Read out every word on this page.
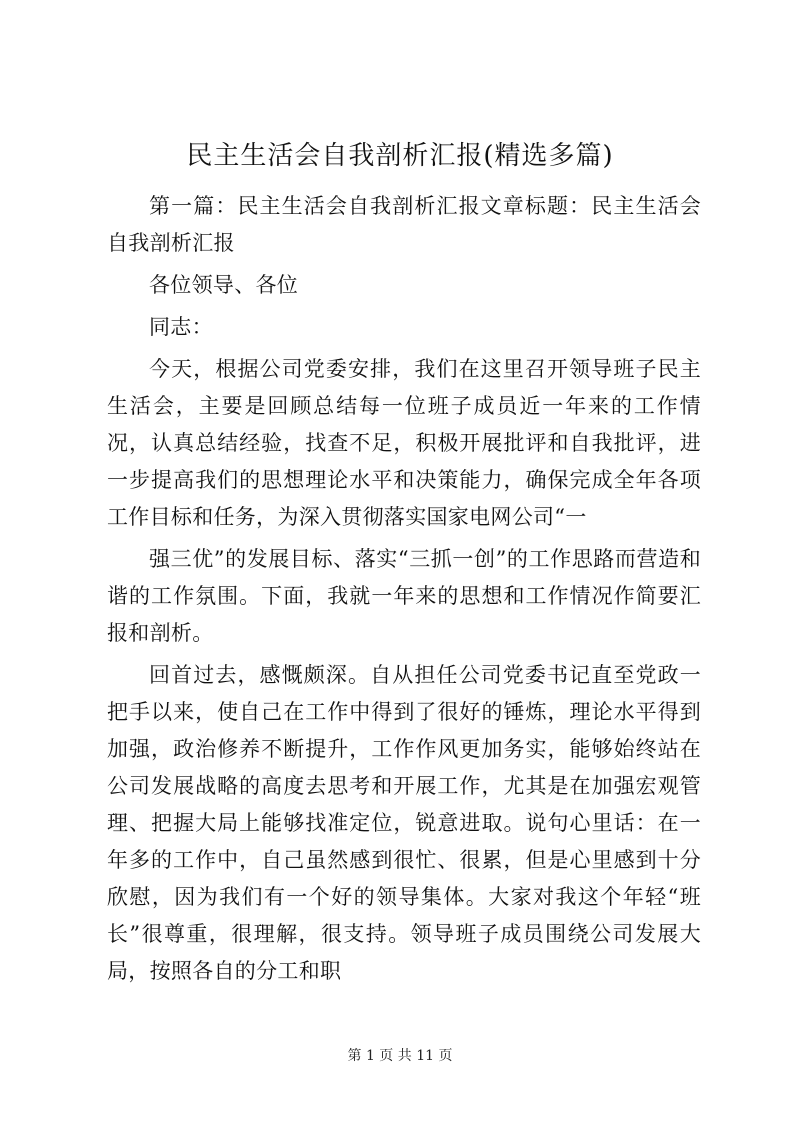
民主生活会自我剖析汇报(精选多篇)

第一篇：民主生活会自我剖析汇报文章标题：民主生活会自我剖析汇报

各位领导、各位

同志：

今天，根据公司党委安排，我们在这里召开领导班子民主生活会，主要是回顾总结每一位班子成员近一年来的工作情况，认真总结经验，找查不足，积极开展批评和自我批评，进一步提高我们的思想理论水平和决策能力，确保完成全年各项工作目标和任务，为深入贯彻落实国家电网公司“一

强三优”的发展目标、落实“三抓一创”的工作思路而营造和谐的工作氛围。下面，我就一年来的思想和工作情况作简要汇报和剖析。

回首过去，感慨颇深。自从担任公司党委书记直至党政一把手以来，使自己在工作中得到了很好的锤炼，理论水平得到加强，政治修养不断提升，工作作风更加务实，能够始终站在公司发展战略的高度去思考和开展工作，尤其是在加强宏观管理、把握大局上能够找准定位，锐意进取。说句心里话：在一年多的工作中，自己虽然感到很忙、很累，但是心里感到十分欣慰，因为我们有一个好的领导集体。大家对我这个年轻“班长”很尊重，很理解，很支持。领导班子成员围绕公司发展大局，按照各自的分工和职

第 1 页 共 11 页
